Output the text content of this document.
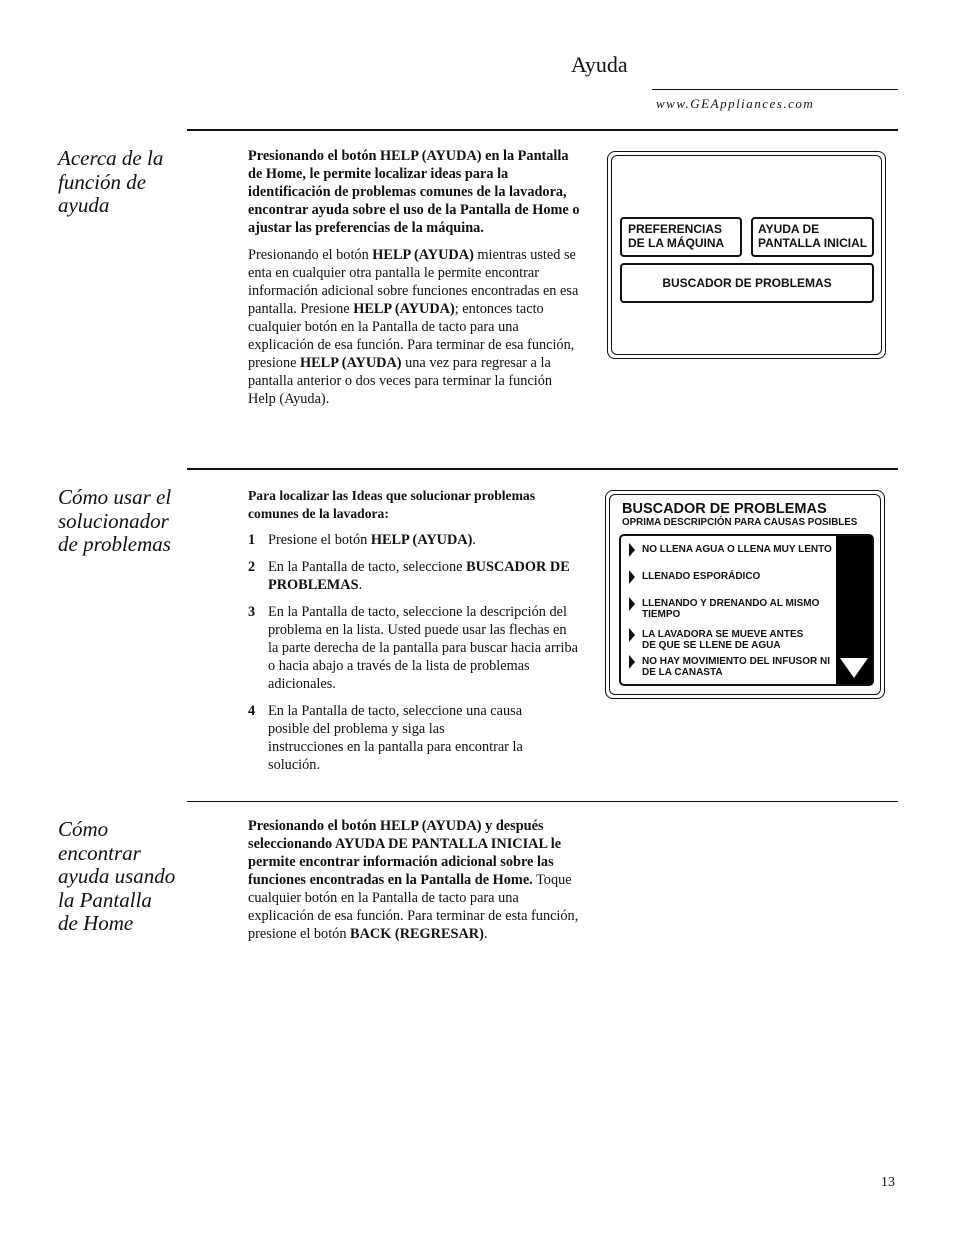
Ayuda
www.GEAppliances.com
Acerca de la función de ayuda

Presionando el botón HELP (AYUDA) en la Pantalla de Home, le permite localizar ideas para la identificación de problemas comunes de la lavadora, encontrar ayuda sobre el uso de la Pantalla de Home o ajustar las preferencias de la máquina.

Presionando el botón HELP (AYUDA) mientras usted se enta en cualquier otra pantalla le permite encontrar información adicional sobre funciones encontradas en esa pantalla. Presione HELP (AYUDA); entonces tacto cualquier botón en la Pantalla de tacto para una explicación de esa función. Para terminar de esa función, presione HELP (AYUDA) una vez para regresar a la pantalla anterior o dos veces para terminar la función Help (Ayuda).

PREFERENCIAS DE LA MÁQUINA
AYUDA DE PANTALLA INICIAL
BUSCADOR DE PROBLEMAS
Cómo usar el solucionador de problemas

Para localizar las Ideas que solucionar problemas comunes de la lavadora:

1 Presione el botón HELP (AYUDA).
2 En la Pantalla de tacto, seleccione BUSCADOR DE PROBLEMAS.
3 En la Pantalla de tacto, seleccione la descripción del problema en la lista. Usted puede usar las flechas en la parte derecha de la pantalla para buscar hacia arriba o hacia abajo a través de la lista de problemas adicionales.
4 En la Pantalla de tacto, seleccione una causa posible del problema y siga las instrucciones en la pantalla para encontrar la solución.
BUSCADOR DE PROBLEMAS
OPRIMA DESCRIPCIÓN PARA CAUSAS POSIBLES
NO LLENA AGUA O LLENA MUY LENTO
LLENADO ESPORÁDICO
LLENANDO Y DRENANDO AL MISMO TIEMPO
LA LAVADORA SE MUEVE ANTES DE QUE SE LLENE DE AGUA
NO HAY MOVIMIENTO DEL INFUSOR NI DE LA CANASTA
Cómo encontrar ayuda usando la Pantalla de Home

Presionando el botón HELP (AYUDA) y después seleccionando AYUDA DE PANTALLA INICIAL le permite encontrar información adicional sobre las funciones encontradas en la Pantalla de Home. Toque cualquier botón en la Pantalla de tacto para una explicación de esa función. Para terminar de esta función, presione el botón BACK (REGRESAR).

13
